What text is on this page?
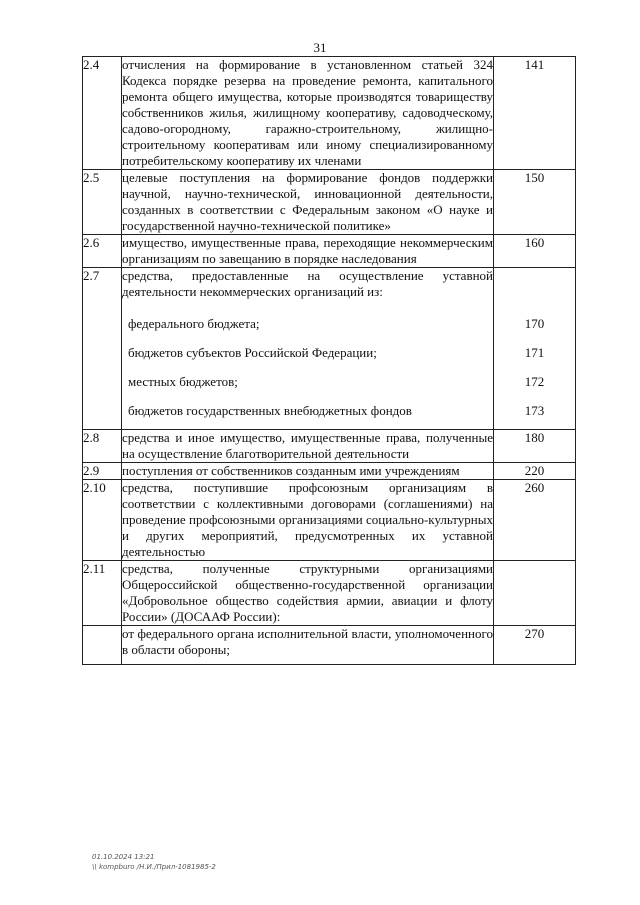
31
2.4	отчисления на формирование в установленном статьей 324 Кодекса порядке резерва на проведение ремонта, капитального ремонта общего имущества, которые производятся товариществу собственников жилья, жилищному кооперативу, садоводческому, садово-огородному, гаражно-строительному, жилищно-строительному кооперативам или иному специализированному потребительскому кооперативу их членами	141
2.5	целевые поступления на формирование фондов поддержки научной, научно-технической, инновационной деятельности, созданных в соответствии с Федеральным законом «О науке и государственной научно-технической политике»	150
2.6	имущество, имущественные права, переходящие некоммерческим организациям по завещанию в порядке наследования	160
2.7	средства, предоставленные на осуществление уставной деятельности некоммерческих организаций из:	
	федерального бюджета;	170
	бюджетов субъектов Российской Федерации;	171
	местных бюджетов;	172
	бюджетов государственных внебюджетных фондов	173
2.8	средства и иное имущество, имущественные права, полученные на осуществление благотворительной деятельности	180
2.9	поступления от собственников созданным ими учреждениям	220
2.10	средства, поступившие профсоюзным организациям в соответствии с коллективными договорами (соглашениями) на проведение профсоюзными организациями социально-культурных и других мероприятий, предусмотренных их уставной деятельностью	260
2.11	средства, полученные структурными организациями Общероссийской общественно-государственной организации «Добровольное общество содействия армии, авиации и флоту России» (ДОСААФ России):	
	от федерального органа исполнительной власти, уполномоченного в области обороны;	270
01.10.2024 13:21
\\ kompburo /Н.И./Прил-1081985-2
